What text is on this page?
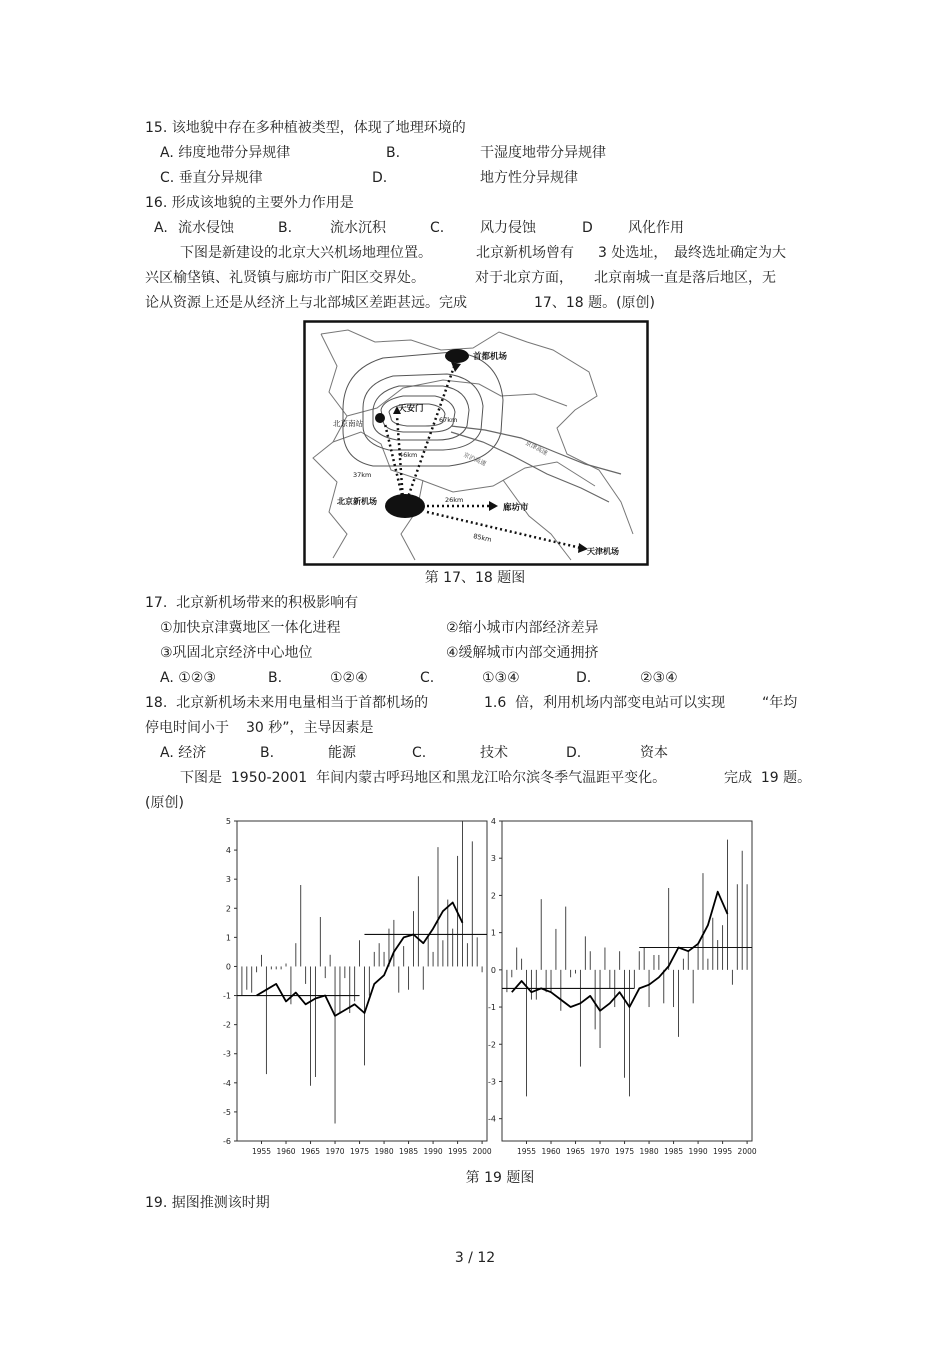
15. 该地貌中存在多种植被类型，体现了地理环境的
A. 纬度地带分异规律	B.	干湿度地带分异规律
C. 垂直分异规律	D.	地方性分异规律
16. 形成该地貌的主要外力作用是
A. 流水侵蚀	B.	流水沉积	C.	风力侵蚀	D	风化作用
下图是新建设的北京大兴机场地理位置。	北京新机场曾有 3 处选址， 最终选址确定为大
兴区榆垡镇、礼贤镇与廊坊市广阳区交界处。	对于北京方面， 北京南城一直是落后地区，无
论从资源上还是从经济上与北部城区差距甚远。完成	17、18 题。(原创)
首都机场
天安门
北京南站
北京新机场
廊坊市
天津机场
67km
46km
37km
26km
85km
京沪高速
京津高速
第 17、18 题图
17.  北京新机场带来的积极影响有
①加快京津冀地区一体化进程	②缩小城市内部经济差异
③巩固北京经济中心地位	④缓解城市内部交通拥挤
A. ①②③	B.	①②④	C.	①③④	D.	②③④
18.  北京新机场未来用电量相当于首都机场的	1.6  倍，利用机场内部变电站可以实现	“年均
停电时间小于 30 秒”，主导因素是
A. 经济	B.	能源	C.	技术	D.	资本
下图是  1950-2001  年间内蒙古呼玛地区和黑龙江哈尔滨冬季气温距平变化。	完成  19 题。
(原创)
5
4
3
2
1
0
-1
-2
-3
-4
-5
-6
1955 1960 1965 1970 1975 1980 1985 1990 1995 2000
4
3
2
1
0
-1
-2
-3
-4
1955 1960 1965 1970 1975 1980 1985 1990 1995 2000
第 19 题图
19. 据图推测该时期
3 / 12
